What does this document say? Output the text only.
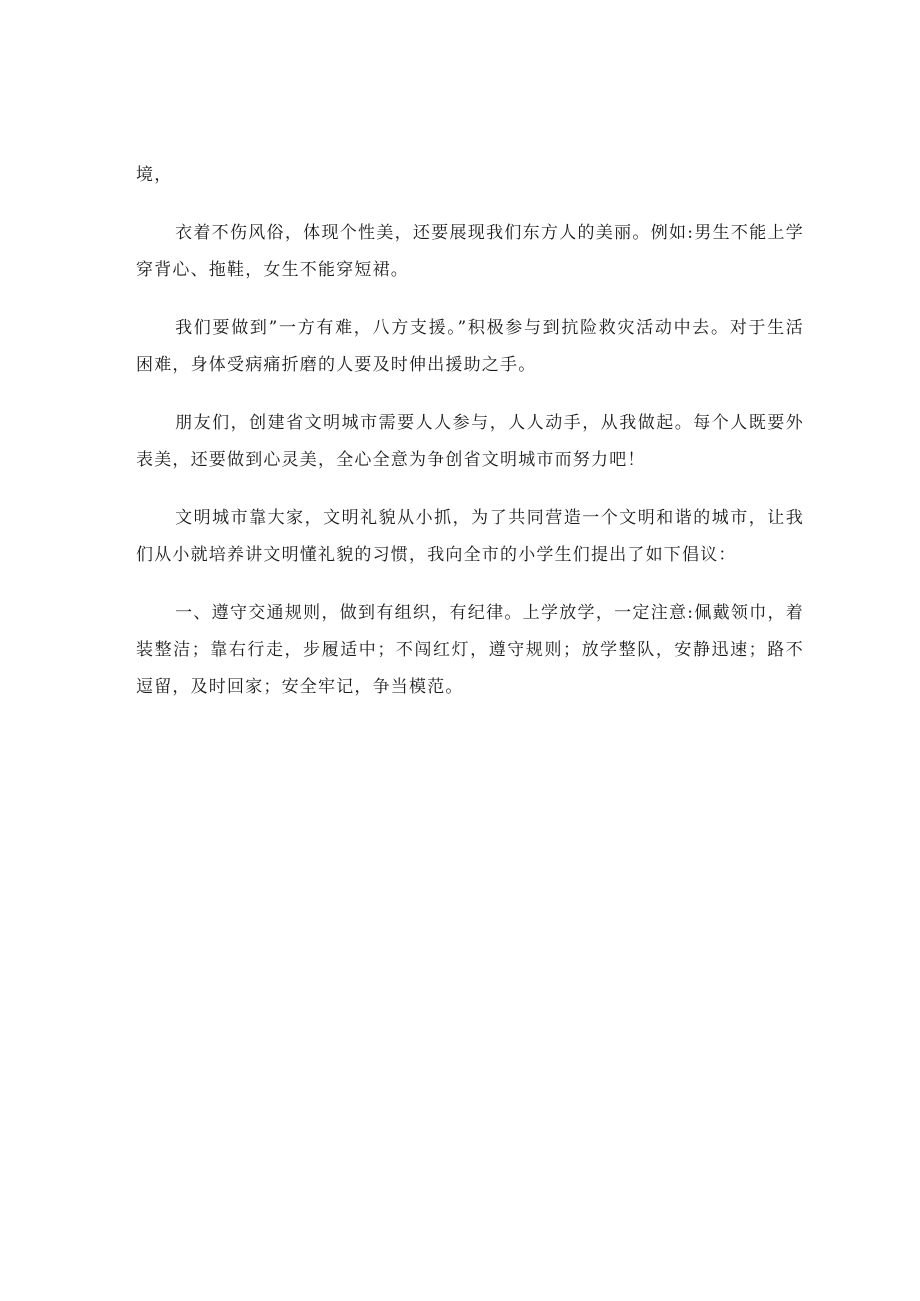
境，

衣着不伤风俗，体现个性美，还要展现我们东方人的美丽。例如:男生不能上学穿背心、拖鞋，女生不能穿短裙。

我们要做到”一方有难，八方支援。”积极参与到抗险救灾活动中去。对于生活困难，身体受病痛折磨的人要及时伸出援助之手。

朋友们，创建省文明城市需要人人参与，人人动手，从我做起。每个人既要外表美，还要做到心灵美，全心全意为争创省文明城市而努力吧！

文明城市靠大家，文明礼貌从小抓，为了共同营造一个文明和谐的城市，让我们从小就培养讲文明懂礼貌的习惯，我向全市的小学生们提出了如下倡议：

一、遵守交通规则，做到有组织，有纪律。上学放学，一定注意:佩戴领巾，着装整洁；靠右行走，步履适中；不闯红灯，遵守规则；放学整队，安静迅速；路不逗留，及时回家；安全牢记，争当模范。
